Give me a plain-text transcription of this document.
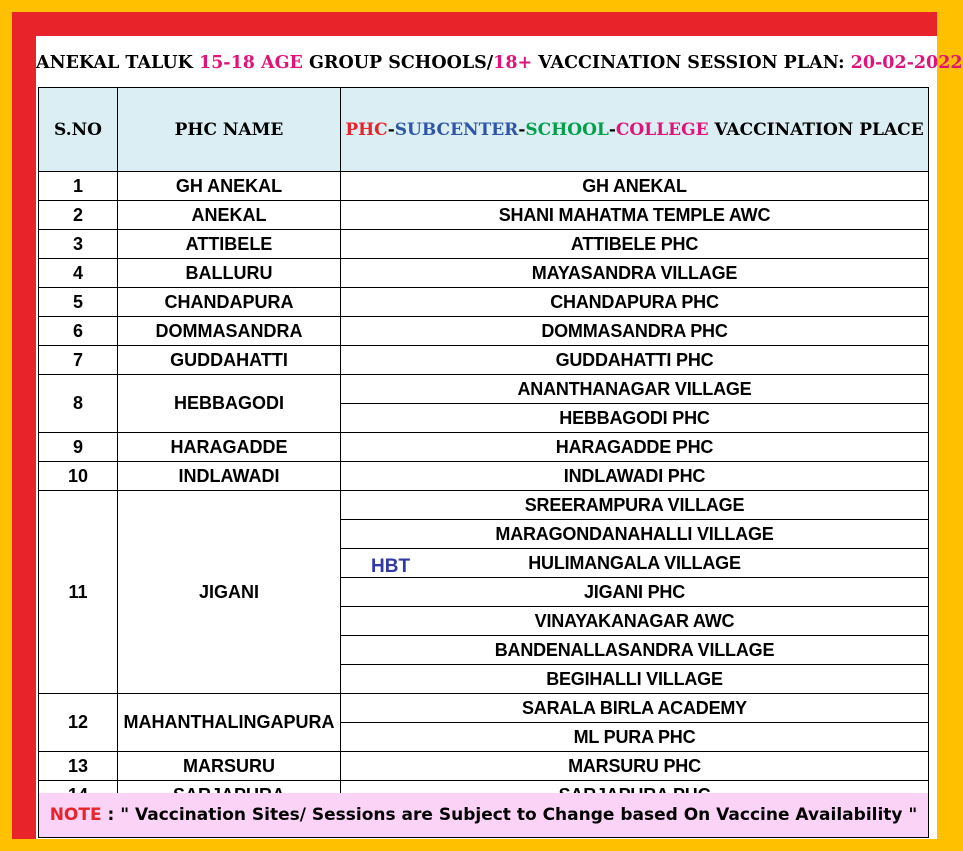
ANEKAL TALUK 15-18 AGE GROUP SCHOOLS/18+ VACCINATION SESSION PLAN: 20-02-2022
S.NO	PHC NAME	PHC-SUBCENTER-SCHOOL-COLLEGE VACCINATION PLACE
1	GH ANEKAL	GH ANEKAL
2	ANEKAL	SHANI MAHATMA TEMPLE AWC
3	ATTIBELE	ATTIBELE PHC
4	BALLURU	MAYASANDRA VILLAGE
5	CHANDAPURA	CHANDAPURA PHC
6	DOMMASANDRA	DOMMASANDRA PHC
7	GUDDAHATTI	GUDDAHATTI PHC
8	HEBBAGODI	ANANTHANAGAR VILLAGE
		HEBBAGODI PHC
9	HARAGADDE	HARAGADDE PHC
10	INDLAWADI	INDLAWADI PHC
11	JIGANI	SREERAMPURA VILLAGE
		MARAGONDANAHALLI VILLAGE
		HULIMANGALA VILLAGE
		JIGANI PHC
		VINAYAKANAGAR AWC
		BANDENALLASANDRA VILLAGE
		BEGIHALLI VILLAGE
12	MAHANTHALINGAPURA	SARALA BIRLA ACADEMY
		ML PURA PHC
13	MARSURU	MARSURU PHC

HBT
NOTE : " Vaccination Sites/ Sessions are Subject to Change based On Vaccine Availability "
